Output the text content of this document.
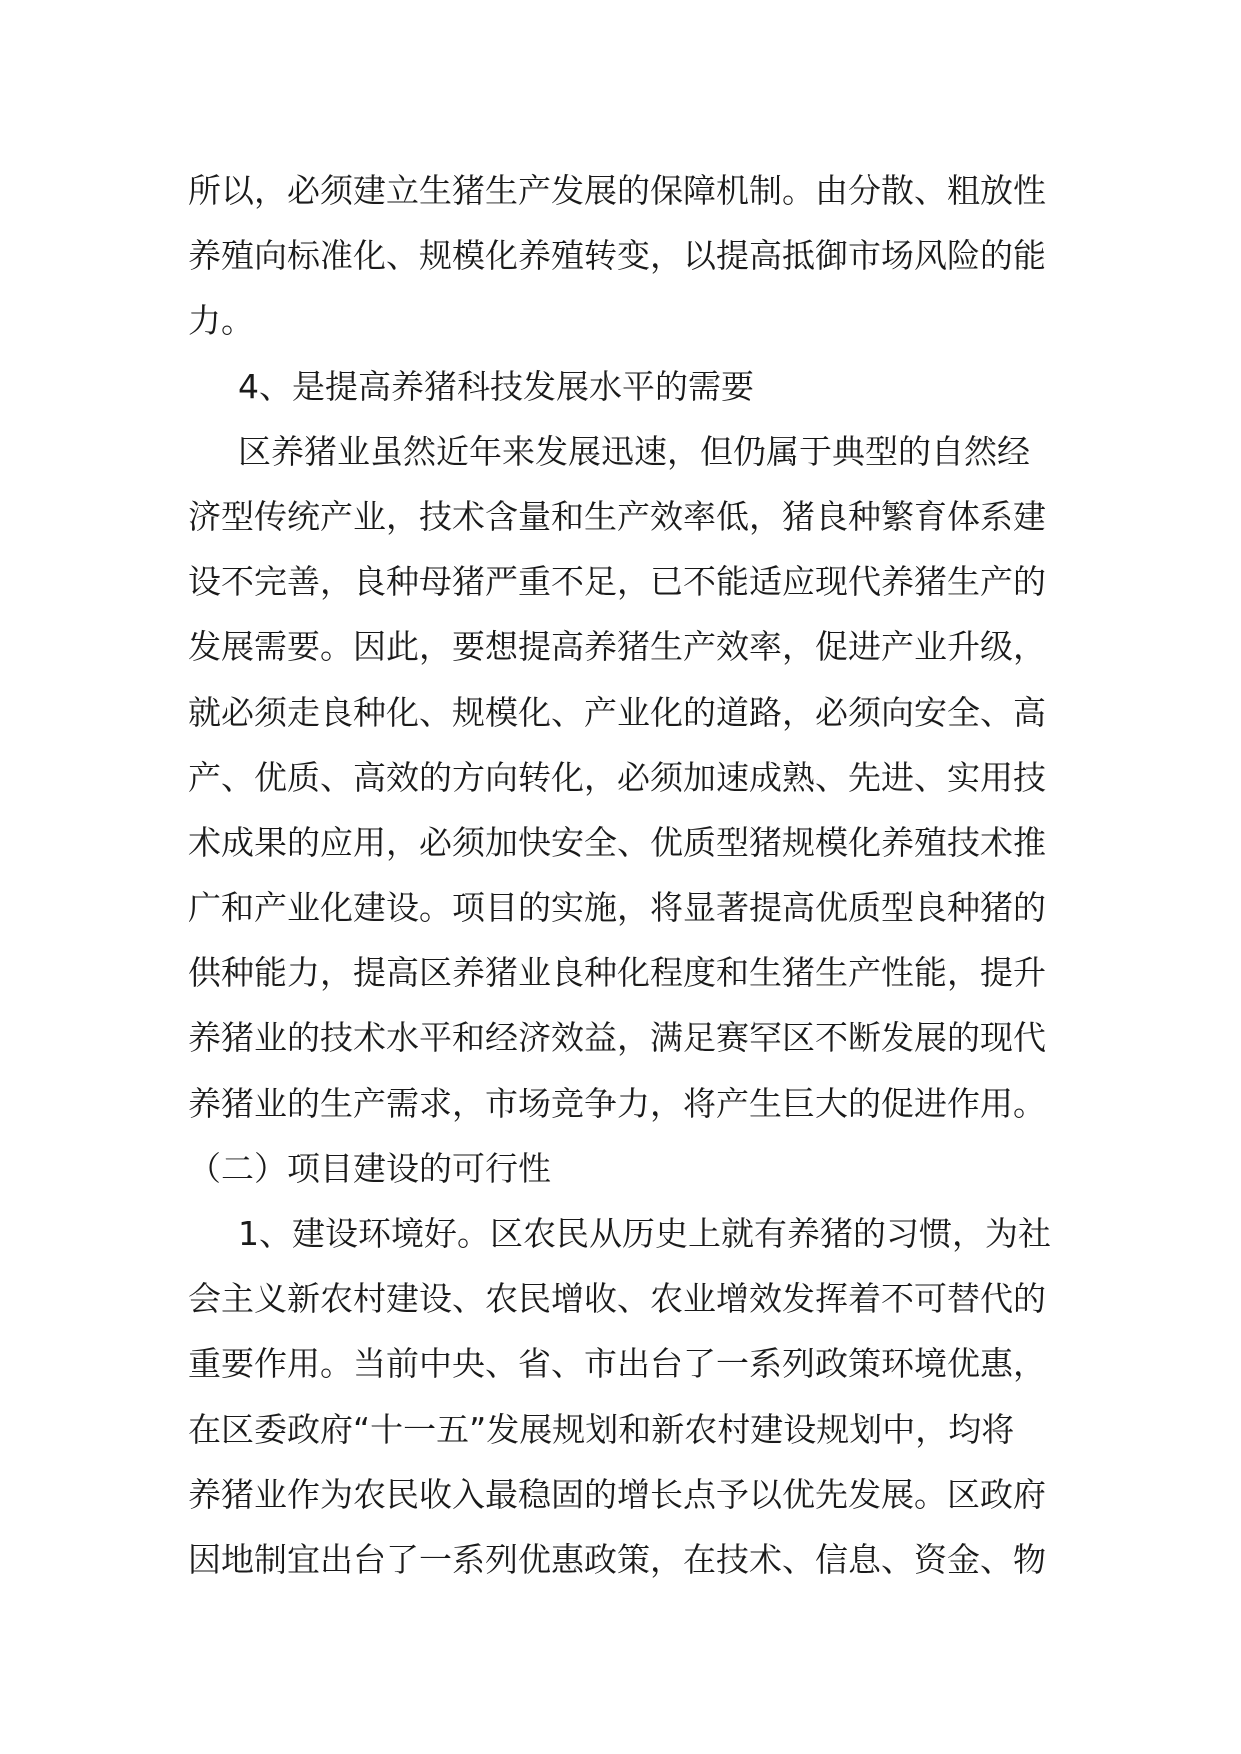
所以，必须建立生猪生产发展的保障机制。由分散、粗放性
养殖向标准化、规模化养殖转变，以提高抵御市场风险的能
力。
4、是提高养猪科技发展水平的需要
区养猪业虽然近年来发展迅速，但仍属于典型的自然经
济型传统产业，技术含量和生产效率低，猪良种繁育体系建
设不完善，良种母猪严重不足，已不能适应现代养猪生产的
发展需要。因此，要想提高养猪生产效率，促进产业升级，
就必须走良种化、规模化、产业化的道路，必须向安全、高
产、优质、高效的方向转化，必须加速成熟、先进、实用技
术成果的应用，必须加快安全、优质型猪规模化养殖技术推
广和产业化建设。项目的实施，将显著提高优质型良种猪的
供种能力，提高区养猪业良种化程度和生猪生产性能，提升
养猪业的技术水平和经济效益，满足赛罕区不断发展的现代
养猪业的生产需求，市场竞争力，将产生巨大的促进作用。
（二）项目建设的可行性
1、建设环境好。区农民从历史上就有养猪的习惯，为社
会主义新农村建设、农民增收、农业增效发挥着不可替代的
重要作用。当前中央、省、市出台了一系列政策环境优惠，
在区委政府“十一五”发展规划和新农村建设规划中，均将
养猪业作为农民收入最稳固的增长点予以优先发展。区政府
因地制宜出台了一系列优惠政策，在技术、信息、资金、物
